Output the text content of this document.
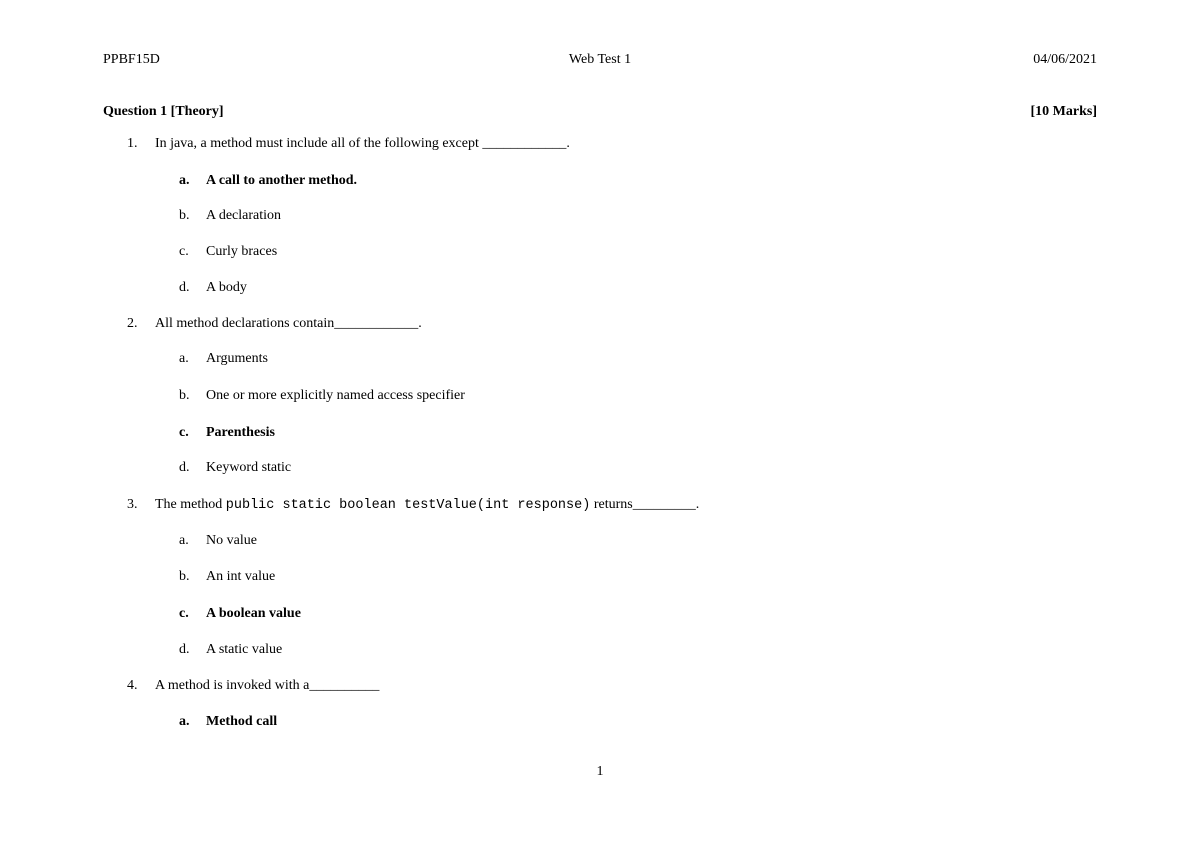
PPBF15D	Web Test 1	04/06/2021
Question 1 [Theory]	[10 Marks]
1.	In java, a method must include all of the following except ____________.
a.	A call to another method.
b.	A declaration
c.	Curly braces
d.	A body
2.	All method declarations contain____________.
a.	Arguments
b.	One or more explicitly named access specifier
c.	Parenthesis
d.	Keyword static
3.	The method public static boolean testValue(int response) returns_________.
a.	No value
b.	An int value
c.	A boolean value
d.	A static value
4.	A method is invoked with a__________
a.	Method call
1
